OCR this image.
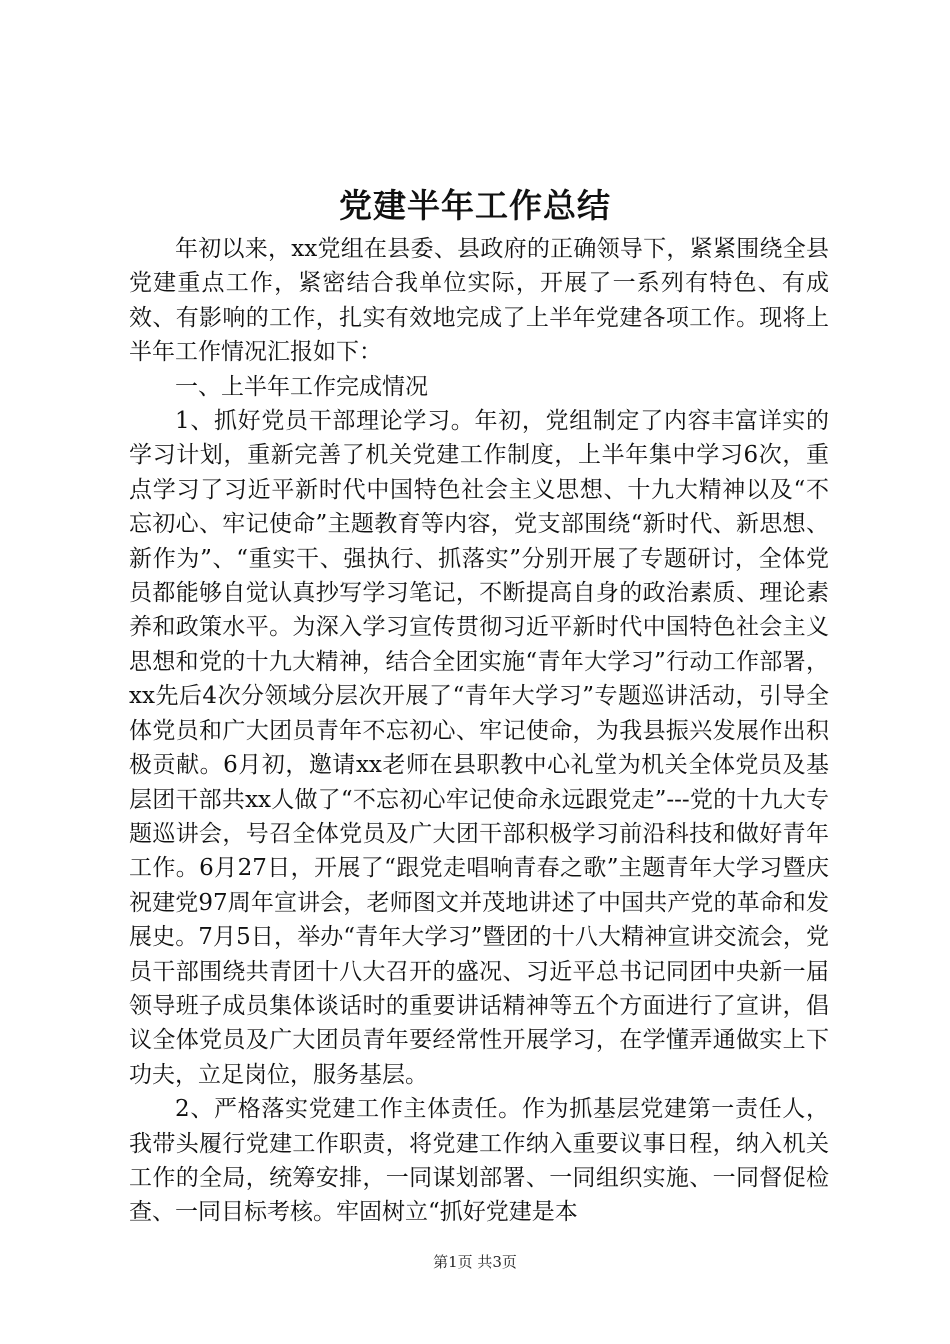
党建半年工作总结

年初以来，xx党组在县委、县政府的正确领导下，紧紧围绕全县党建重点工作，紧密结合我单位实际，开展了一系列有特色、有成效、有影响的工作，扎实有效地完成了上半年党建各项工作。现将上半年工作情况汇报如下：

一、上半年工作完成情况

1、抓好党员干部理论学习。年初，党组制定了内容丰富详实的学习计划，重新完善了机关党建工作制度，上半年集中学习6次，重点学习了习近平新时代中国特色社会主义思想、十九大精神以及“不忘初心、牢记使命”主题教育等内容，党支部围绕“新时代、新思想、新作为”、“重实干、强执行、抓落实”分别开展了专题研讨，全体党员都能够自觉认真抄写学习笔记，不断提高自身的政治素质、理论素养和政策水平。为深入学习宣传贯彻习近平新时代中国特色社会主义思想和党的十九大精神，结合全团实施“青年大学习”行动工作部署，xx先后4次分领域分层次开展了“青年大学习”专题巡讲活动，引导全体党员和广大团员青年不忘初心、牢记使命，为我县振兴发展作出积极贡献。6月初，邀请xx老师在县职教中心礼堂为机关全体党员及基层团干部共xx人做了“不忘初心牢记使命永远跟党走”---党的十九大专题巡讲会，号召全体党员及广大团干部积极学习前沿科技和做好青年工作。6月27日，开展了“跟党走唱响青春之歌”主题青年大学习暨庆祝建党97周年宣讲会，老师图文并茂地讲述了中国共产党的革命和发展史。7月5日，举办“青年大学习”暨团的十八大精神宣讲交流会，党员干部围绕共青团十八大召开的盛况、习近平总书记同团中央新一届领导班子成员集体谈话时的重要讲话精神等五个方面进行了宣讲，倡议全体党员及广大团员青年要经常性开展学习，在学懂弄通做实上下功夫，立足岗位，服务基层。

2、严格落实党建工作主体责任。作为抓基层党建第一责任人，我带头履行党建工作职责，将党建工作纳入重要议事日程，纳入机关工作的全局，统筹安排，一同谋划部署、一同组织实施、一同督促检查、一同目标考核。牢固树立“抓好党建是本

第1页 共3页
